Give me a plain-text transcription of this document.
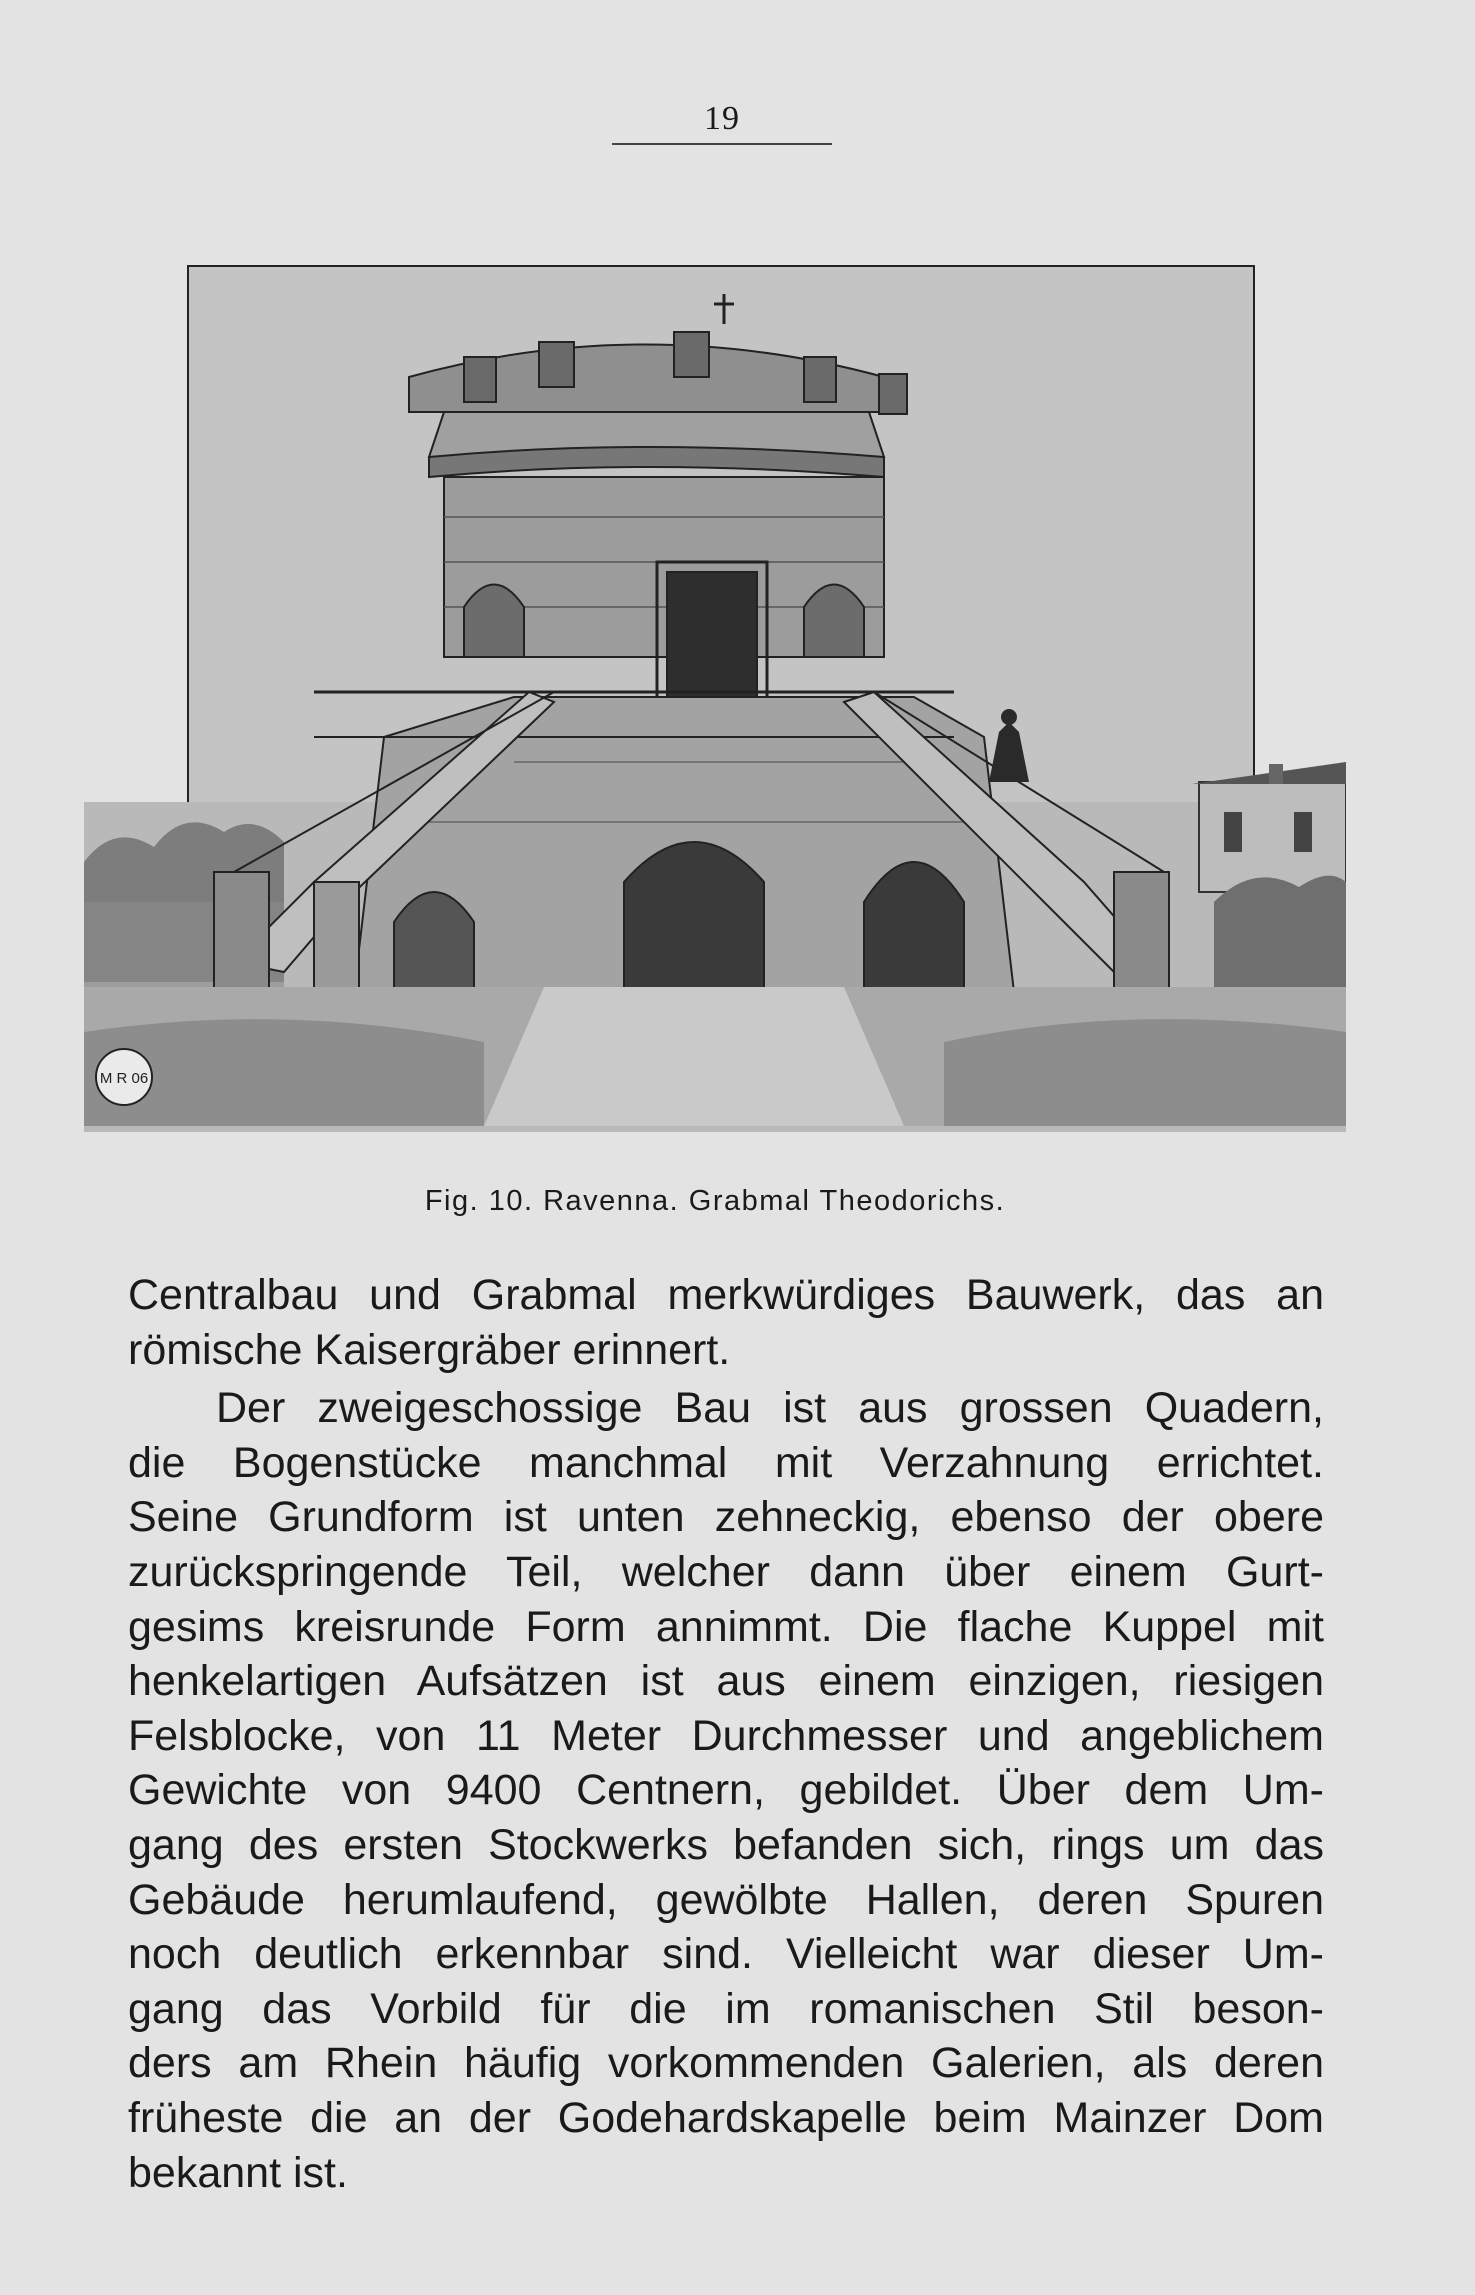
19
M R 06
Fig. 10. Ravenna. Grabmal Theodorichs.
Centralbau und Grabmal merkwürdiges Bauwerk, das an
römische Kaisergräber erinnert.
Der zweigeschossige Bau ist aus grossen Quadern,
die Bogenstücke manchmal mit Verzahnung errichtet.
Seine Grundform ist unten zehneckig, ebenso der obere
zurückspringende Teil, welcher dann über einem Gurt-
gesims kreisrunde Form annimmt. Die flache Kuppel mit
henkelartigen Aufsätzen ist aus einem einzigen, riesigen
Felsblocke, von 11 Meter Durchmesser und angeblichem
Gewichte von 9400 Centnern, gebildet. Über dem Um-
gang des ersten Stockwerks befanden sich, rings um das
Gebäude herumlaufend, gewölbte Hallen, deren Spuren
noch deutlich erkennbar sind. Vielleicht war dieser Um-
gang das Vorbild für die im romanischen Stil beson-
ders am Rhein häufig vorkommenden Galerien, als deren
früheste die an der Godehardskapelle beim Mainzer Dom
bekannt ist.
